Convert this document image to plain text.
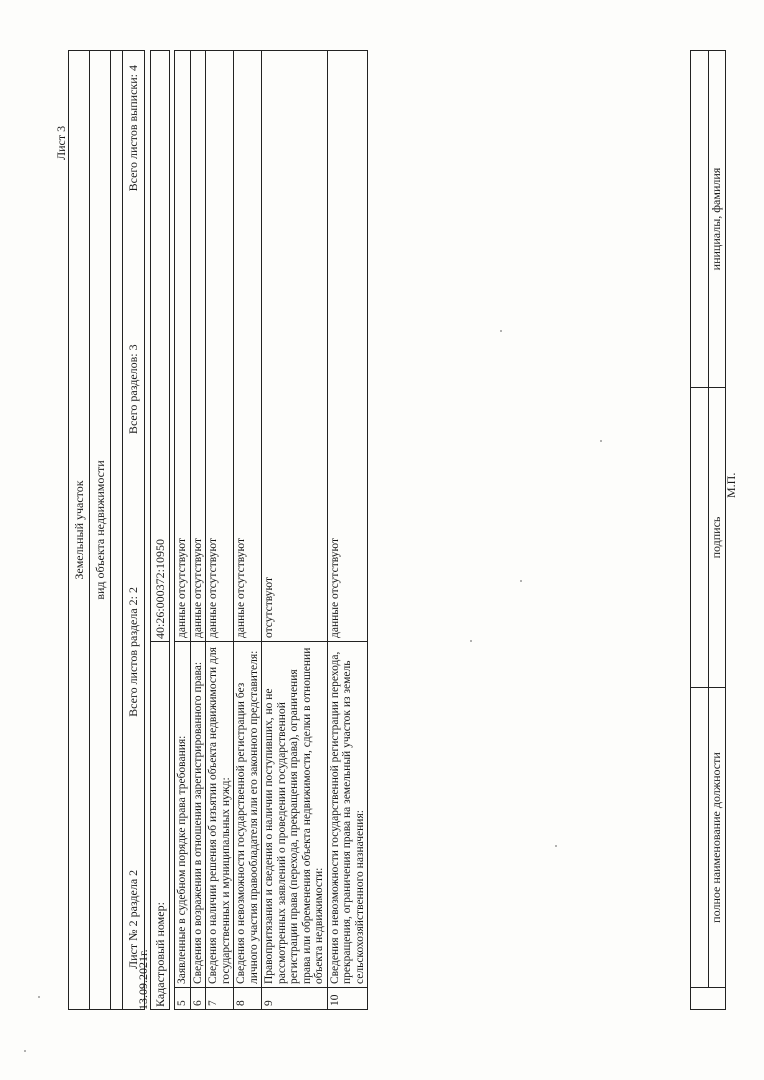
Лист 3
Земельный участок вид объекта недвижимости
Лист № 2 раздела 2
Всего листов раздела 2: 2
Всего разделов: 3
Всего листов выписки: 4
13.09.2021г. Кадастровый номер:
40:26:000372:10950
5	Заявленные в судебном порядке права требования:	данные отсутствуют
6	Сведения о возражении в отношении зарегистрированного права:	данные отсутствуют
7	Сведения о наличии решения об изъятии объекта недвижимости для государственных и муниципальных нужд:	данные отсутствуют
8	Сведения о невозможности государственной регистрации без личного участия правообладателя или его законного представителя:	данные отсутствуют
9	Правопритязания и сведения о наличии поступивших, но не рассмотренных заявлений о проведении государственной регистрации права (перехода, прекращения права), ограничения права или обременения объекта недвижимости, сделки в отношении объекта недвижимости:	отсутствуют
10	Сведения о невозможности государственной регистрации перехода, прекращения, ограничения права на земельный участок из земель сельскохозяйственного назначения:	данные отсутствуют
полное наименование должности
подпись
инициалы, фамилия
М.П.
